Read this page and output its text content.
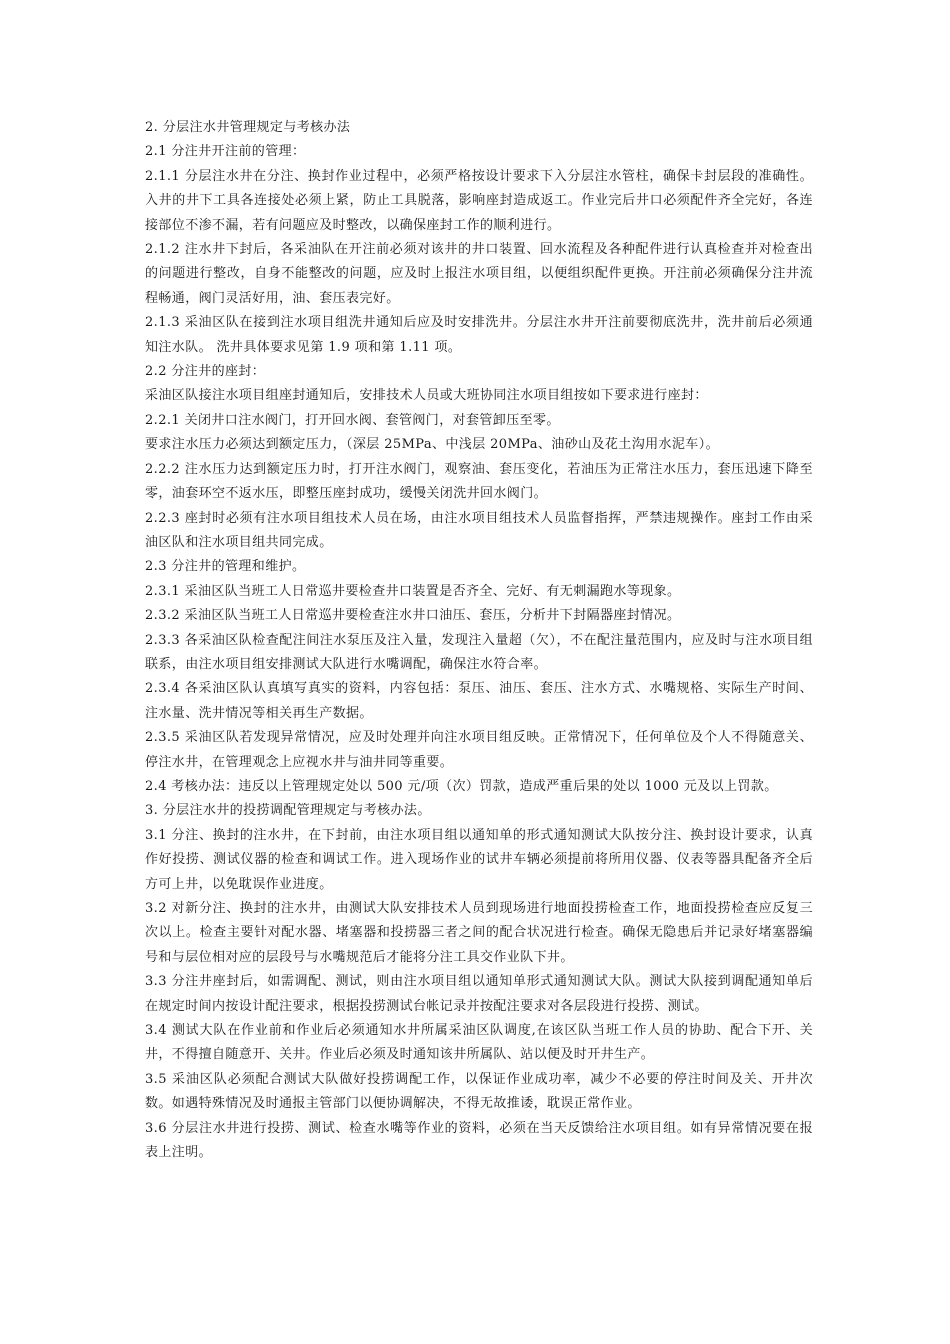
2. 分层注水井管理规定与考核办法

2.1 分注井开注前的管理：

2.1.1 分层注水井在分注、换封作业过程中，必须严格按设计要求下入分层注水管柱，确保卡封层段的准确性。入井的井下工具各连接处必须上紧，防止工具脱落，影响座封造成返工。作业完后井口必须配件齐全完好，各连接部位不渗不漏，若有问题应及时整改，以确保座封工作的顺利进行。

2.1.2 注水井下封后，各采油队在开注前必须对该井的井口装置、回水流程及各种配件进行认真检查并对检查出的问题进行整改，自身不能整改的问题，应及时上报注水项目组，以便组织配件更换。开注前必须确保分注井流程畅通，阀门灵活好用，油、套压表完好。

2.1.3 采油区队在接到注水项目组洗井通知后应及时安排洗井。分层注水井开注前要彻底洗井，洗井前后必须通知注水队。 洗井具体要求见第 1.9 项和第 1.11 项。

2.2 分注井的座封：

采油区队接注水项目组座封通知后，安排技术人员或大班协同注水项目组按如下要求进行座封：

2.2.1 关闭井口注水阀门，打开回水阀、套管阀门，对套管卸压至零。

要求注水压力必须达到额定压力，（深层 25MPa、中浅层 20MPa、油砂山及花土沟用水泥车）。

2.2.2 注水压力达到额定压力时，打开注水阀门，观察油、套压变化，若油压为正常注水压力，套压迅速下降至零，油套环空不返水压，即整压座封成功，缓慢关闭洗井回水阀门。

2.2.3 座封时必须有注水项目组技术人员在场，由注水项目组技术人员监督指挥，严禁违规操作。座封工作由采油区队和注水项目组共同完成。

2.3 分注井的管理和维护。

2.3.1 采油区队当班工人日常巡井要检查井口装置是否齐全、完好、有无刺漏跑水等现象。

2.3.2 采油区队当班工人日常巡井要检查注水井口油压、套压，分析井下封隔器座封情况。

2.3.3 各采油区队检查配注间注水泵压及注入量，发现注入量超（欠），不在配注量范围内，应及时与注水项目组联系，由注水项目组安排测试大队进行水嘴调配，确保注水符合率。

2.3.4 各采油区队认真填写真实的资料，内容包括：泵压、油压、套压、注水方式、水嘴规格、实际生产时间、注水量、洗井情况等相关再生产数据。

2.3.5 采油区队若发现异常情况，应及时处理并向注水项目组反映。正常情况下，任何单位及个人不得随意关、停注水井，在管理观念上应视水井与油井同等重要。

2.4 考核办法：违反以上管理规定处以 500 元/项（次）罚款，造成严重后果的处以 1000 元及以上罚款。

3. 分层注水井的投捞调配管理规定与考核办法。

3.1 分注、换封的注水井，在下封前，由注水项目组以通知单的形式通知测试大队按分注、换封设计要求，认真作好投捞、测试仪器的检查和调试工作。进入现场作业的试井车辆必须提前将所用仪器、仪表等器具配备齐全后方可上井，以免耽误作业进度。

3.2 对新分注、换封的注水井，由测试大队安排技术人员到现场进行地面投捞检查工作，地面投捞检查应反复三次以上。检查主要针对配水器、堵塞器和投捞器三者之间的配合状况进行检查。确保无隐患后并记录好堵塞器编号和与层位相对应的层段号与水嘴规范后才能将分注工具交作业队下井。

3.3 分注井座封后，如需调配、测试，则由注水项目组以通知单形式通知测试大队。测试大队接到调配通知单后在规定时间内按设计配注要求，根据投捞测试台帐记录并按配注要求对各层段进行投捞、测试。

3.4 测试大队在作业前和作业后必须通知水井所属采油区队调度,在该区队当班工作人员的协助、配合下开、关井，不得擅自随意开、关井。作业后必须及时通知该井所属队、站以便及时开井生产。

3.5 采油区队必须配合测试大队做好投捞调配工作，以保证作业成功率，减少不必要的停注时间及关、开井次数。如遇特殊情况及时通报主管部门以便协调解决，不得无故推诿，耽误正常作业。

3.6 分层注水井进行投捞、测试、检查水嘴等作业的资料，必须在当天反馈给注水项目组。如有异常情况要在报表上注明。
